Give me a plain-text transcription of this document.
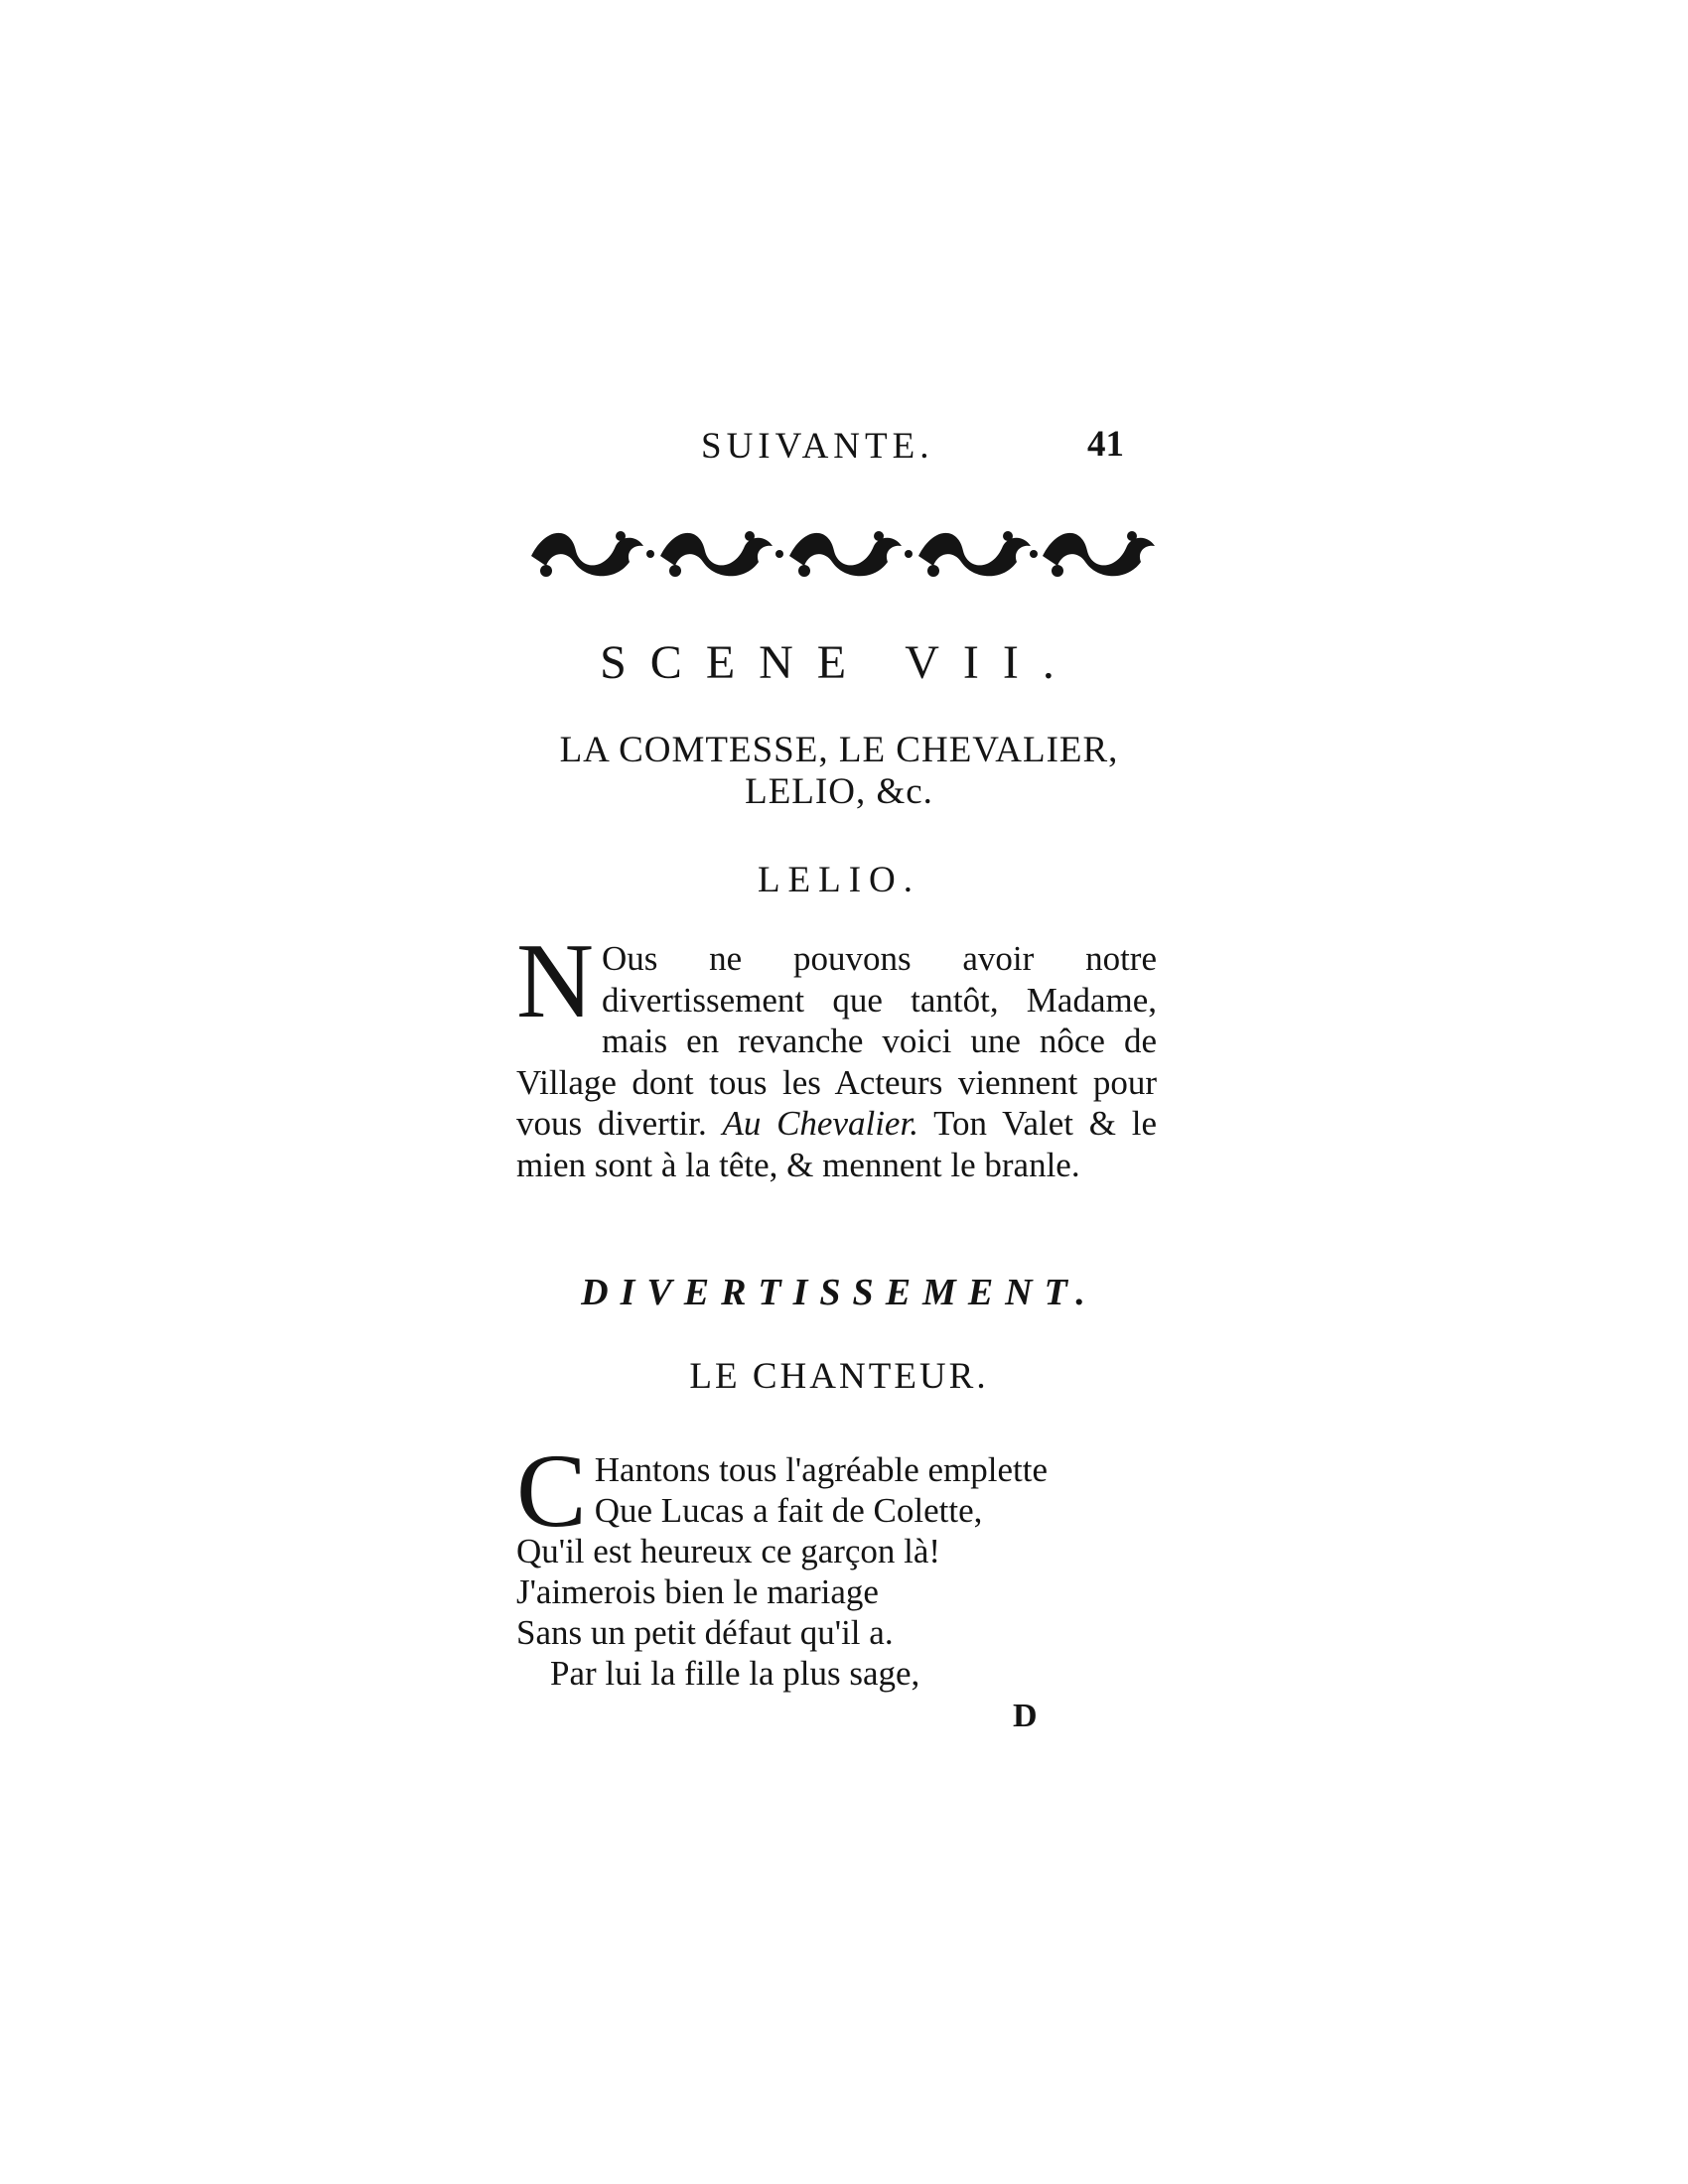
SUIVANTE.	41
SCENE VII.
LA COMTESSE, LE CHEVALIER,
LELIO, &c.
LELIO.
N Ous ne pouvons avoir notre divertissement que tantôt, Madame, mais en revanche voici une nôce de Village dont tous les Acteurs viennent pour vous divertir. Au Chevalier. Ton Valet & le mien sont à la tête, & mennent le branle.
DIVERTISSEMENT.
LE CHANTEUR.
C Hantons tous l'agréable emplette
Que Lucas a fait de Colette,
Qu'il est heureux ce garçon là!
J'aimerois bien le mariage
Sans un petit défaut qu'il a.
Par lui la fille la plus sage,
D
